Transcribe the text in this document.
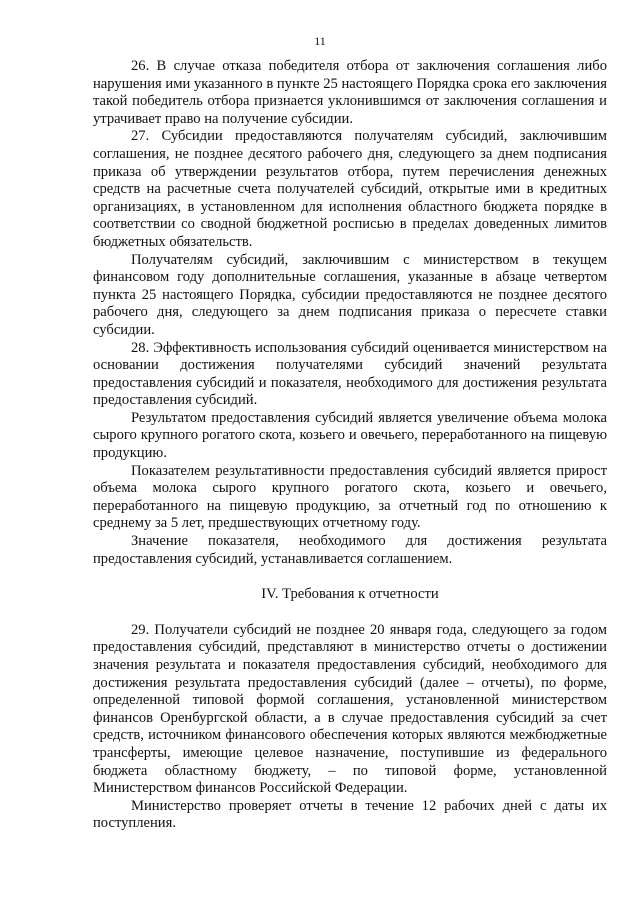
11

26. В случае отказа победителя отбора от заключения соглашения либо нарушения ими указанного в пункте 25 настоящего Порядка срока его заключения такой победитель отбора признается уклонившимся от заключения соглашения и утрачивает право на получение субсидии.

27. Субсидии предоставляются получателям субсидий, заключившим соглашения, не позднее десятого рабочего дня, следующего за днем подписания приказа об утверждении результатов отбора, путем перечисления денежных средств на расчетные счета получателей субсидий, открытые ими в кредитных организациях, в установленном для исполнения областного бюджета порядке в соответствии со сводной бюджетной росписью в пределах доведенных лимитов бюджетных обязательств.

Получателям субсидий, заключившим с министерством в текущем финансовом году дополнительные соглашения, указанные в абзаце четвертом пункта 25 настоящего Порядка, субсидии предоставляются не позднее десятого рабочего дня, следующего за днем подписания приказа о пересчете ставки субсидии.

28. Эффективность использования субсидий оценивается министерством на основании достижения получателями субсидий значений результата предоставления субсидий и показателя, необходимого для достижения результата предоставления субсидий.

Результатом предоставления субсидий является увеличение объема молока сырого крупного рогатого скота, козьего и овечьего, переработанного на пищевую продукцию.

Показателем результативности предоставления субсидий является прирост объема молока сырого крупного рогатого скота, козьего и овечьего, переработанного на пищевую продукцию, за отчетный год по отношению к среднему за 5 лет, предшествующих отчетному году.

Значение показателя, необходимого для достижения результата предоставления субсидий, устанавливается соглашением.

IV. Требования к отчетности

29. Получатели субсидий не позднее 20 января года, следующего за годом предоставления субсидий, представляют в министерство отчеты о достижении значения результата и показателя предоставления субсидий, необходимого для достижения результата предоставления субсидий (далее – отчеты), по форме, определенной типовой формой соглашения, установленной министерством финансов Оренбургской области, а в случае предоставления субсидий за счет средств, источником финансового обеспечения которых являются межбюджетные трансферты, имеющие целевое назначение, поступившие из федерального бюджета областному бюджету, – по типовой форме, установленной Министерством финансов Российской Федерации.

Министерство проверяет отчеты в течение 12 рабочих дней с даты их поступления.
